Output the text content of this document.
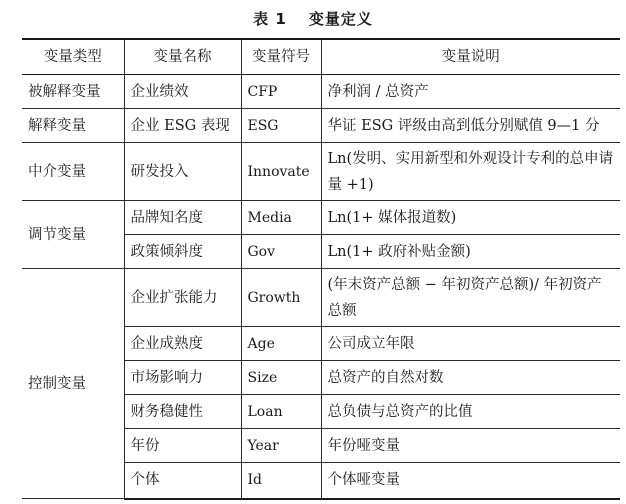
表 1 变量定义
变量类型	变量名称	变量符号	变量说明
被解释变量	企业绩效	CFP	净利润 / 总资产
解释变量	企业 ESG 表现	ESG	华证 ESG 评级由高到低分别赋值 9—1 分
中介变量	研发投入	Innovate	Ln(发明、实用新型和外观设计专利的总申请量 +1)
调节变量	品牌知名度	Media	Ln(1+ 媒体报道数)
	政策倾斜度	Gov	Ln(1+ 政府补贴金额)
控制变量	企业扩张能力	Growth	(年末资产总额 − 年初资产总额)/ 年初资产总额
	企业成熟度	Age	公司成立年限
	市场影响力	Size	总资产的自然对数
	财务稳健性	Loan	总负债与总资产的比值
	年份	Year	年份哑变量
	个体	Id	个体哑变量
